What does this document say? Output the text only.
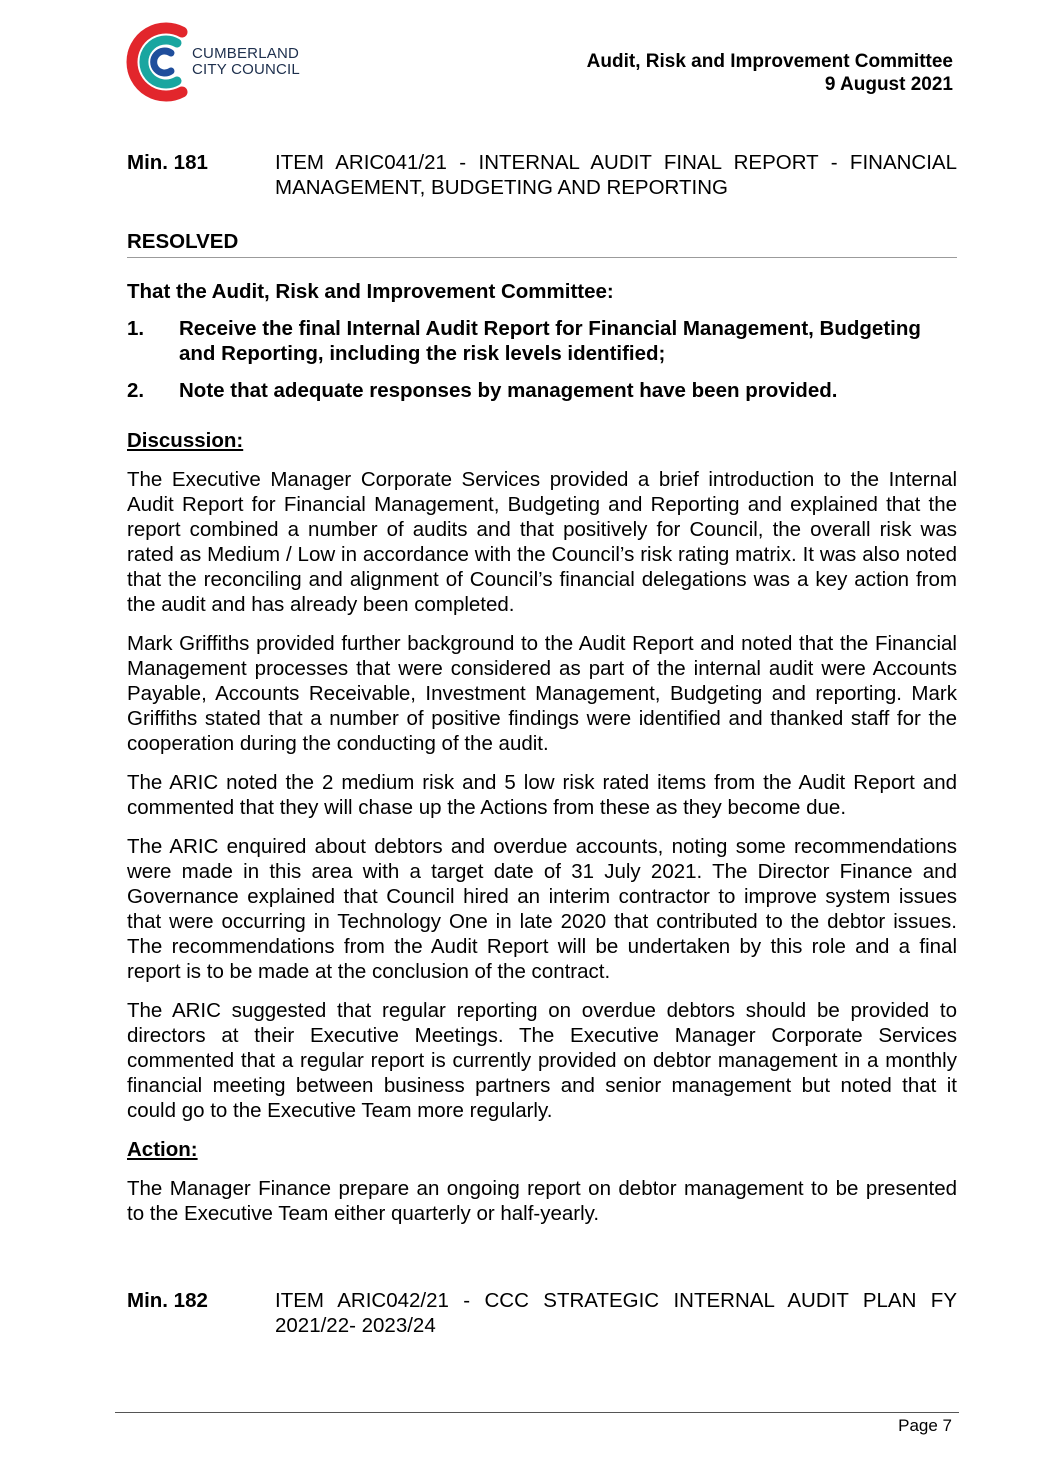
CUMBERLAND
CITY COUNCIL	Audit, Risk and Improvement Committee
9 August 2021
Min. 181	ITEM ARIC041/21 - INTERNAL AUDIT FINAL REPORT - FINANCIAL MANAGEMENT, BUDGETING AND REPORTING
RESOLVED
That the Audit, Risk and Improvement Committee:
1.	Receive the final Internal Audit Report for Financial Management, Budgeting and Reporting, including the risk levels identified;
2.	Note that adequate responses by management have been provided.
Discussion:
The Executive Manager Corporate Services provided a brief introduction to the Internal Audit Report for Financial Management, Budgeting and Reporting and explained that the report combined a number of audits and that positively for Council, the overall risk was rated as Medium / Low in accordance with the Council’s risk rating matrix. It was also noted that the reconciling and alignment of Council’s financial delegations was a key action from the audit and has already been completed.
Mark Griffiths provided further background to the Audit Report and noted that the Financial Management processes that were considered as part of the internal audit were Accounts Payable, Accounts Receivable, Investment Management, Budgeting and reporting. Mark Griffiths stated that a number of positive findings were identified and thanked staff for the cooperation during the conducting of the audit.
The ARIC noted the 2 medium risk and 5 low risk rated items from the Audit Report and commented that they will chase up the Actions from these as they become due.
The ARIC enquired about debtors and overdue accounts, noting some recommendations were made in this area with a target date of 31 July 2021. The Director Finance and Governance explained that Council hired an interim contractor to improve system issues that were occurring in Technology One in late 2020 that contributed to the debtor issues. The recommendations from the Audit Report will be undertaken by this role and a final report is to be made at the conclusion of the contract.
The ARIC suggested that regular reporting on overdue debtors should be provided to directors at their Executive Meetings. The Executive Manager Corporate Services commented that a regular report is currently provided on debtor management in a monthly financial meeting between business partners and senior management but noted that it could go to the Executive Team more regularly.
Action:
The Manager Finance prepare an ongoing report on debtor management to be presented to the Executive Team either quarterly or half-yearly.
Min. 182	ITEM ARIC042/21 - CCC STRATEGIC INTERNAL AUDIT PLAN FY 2021/22- 2023/24
Page 7
